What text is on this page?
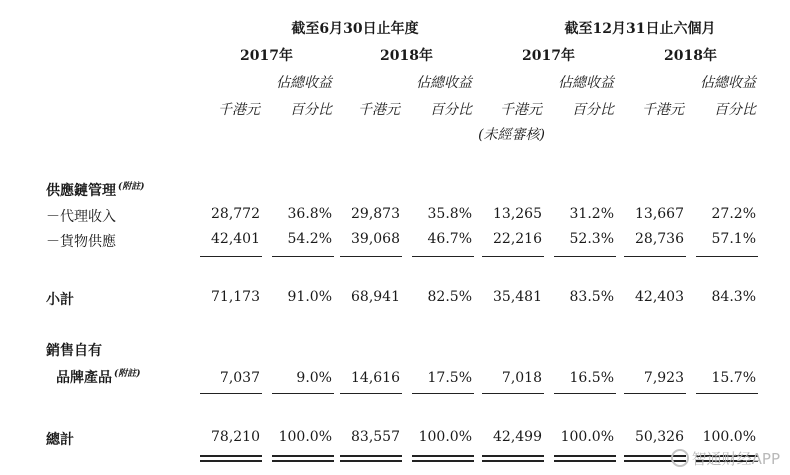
截至6月30日止年度	截至12月31日止六個月
2017年	2018年	2017年	2018年
佔總收益	佔總收益	佔總收益	佔總收益
千港元	百分比	千港元	百分比	千港元	百分比	千港元	百分比
(未經審核)
供應鏈管理 $^{(附註)}$
－代理收入	28,772	36.8%	29,873	35.8%	13,265	31.2%	13,667	27.2%
－貨物供應	42,401	54.2%	39,068	46.7%	22,216	52.3%	28,736	57.1%
小計	71,173	91.0%	68,941	82.5%	35,481	83.5%	42,403	84.3%
銷售自有
品牌產品 $^{(附註)}$	7,037	9.0%	14,616	17.5%	7,018	16.5%	7,923	15.7%
總計	78,210	100.0%	83,557	100.0%	42,499	100.0%	50,326	100.0%
智通财经APP
